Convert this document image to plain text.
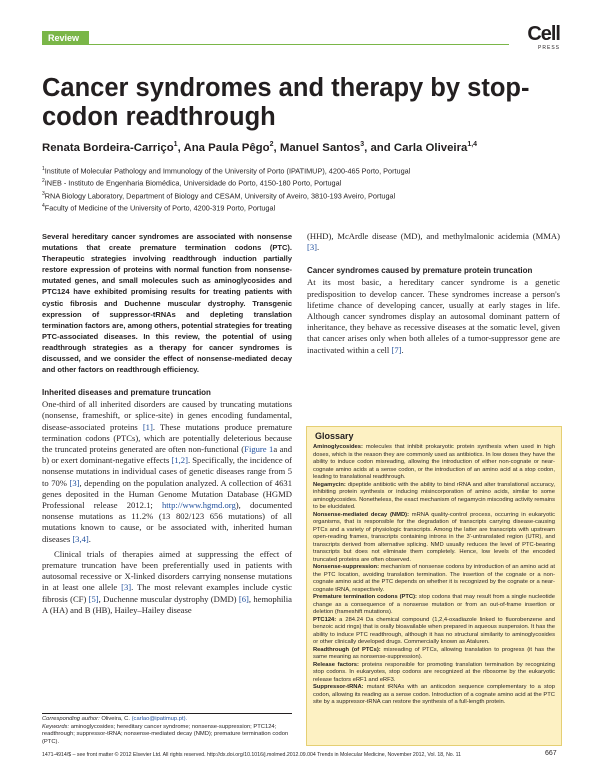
Review	Cell
PRESS
Cancer syndromes and therapy by stop-codon readthrough
Renata Bordeira-Carriço$^1$, Ana Paula Pêgo$^2$, Manuel Santos$^3$, and Carla Oliveira$^{1,4}$
$^1$Institute of Molecular Pathology and Immunology of the University of Porto (IPATIMUP), 4200-465 Porto, Portugal
$^2$INEB - Instituto de Engenharia Biomédica, Universidade do Porto, 4150-180 Porto, Portugal
$^3$RNA Biology Laboratory, Department of Biology and CESAM, University of Aveiro, 3810-193 Aveiro, Portugal
$^4$Faculty of Medicine of the University of Porto, 4200-319 Porto, Portugal

Several hereditary cancer syndromes are associated with nonsense mutations that create premature termination codons (PTC). Therapeutic strategies involving readthrough induction partially restore expression of proteins with normal function from nonsense-mutated genes, and small molecules such as aminoglycosides and PTC124 have exhibited promising results for treating patients with cystic fibrosis and Duchenne muscular dystrophy. Transgenic expression of suppressor-tRNAs and depleting translation termination factors are, among others, potential strategies for treating PTC-associated diseases. In this review, the potential of using readthrough strategies as a therapy for cancer syndromes is discussed, and we consider the effect of nonsense-mediated decay and other factors on readthrough efficiency.

Inherited diseases and premature truncation

One-third of all inherited disorders are caused by truncating mutations (nonsense, frameshift, or splice-site) in genes encoding fundamental, disease-associated proteins [1]. These mutations produce premature termination codons (PTCs), which are potentially deleterious because the truncated proteins generated are often non-functional (Figure 1a and b) or exert dominant-negative effects [1,2]. Specifically, the incidence of nonsense mutations in individual cases of genetic diseases range from 5 to 70% [3], depending on the population analyzed. A collection of 4631 genes deposited in the Human Genome Mutation Database (HGMD Professional release 2012.1; http://www.hgmd.org), documented nonsense mutations as 11.2% (13 802/123 656 mutations) of all mutations known to cause, or be associated with, inherited human diseases [3,4].

Clinical trials of therapies aimed at suppressing the effect of premature truncation have been preferentially used in patients with autosomal recessive or X-linked disorders carrying nonsense mutations in at least one allele [3]. The most relevant examples include cystic fibrosis (CF) [5], Duchenne muscular dystrophy (DMD) [6], hemophilia A (HA) and B (HB), Hailey–Hailey disease

(HHD), McArdle disease (MD), and methylmalonic acidemia (MMA) [3].

Cancer syndromes caused by premature protein truncation

At its most basic, a hereditary cancer syndrome is a genetic predisposition to develop cancer. These syndromes increase a person's lifetime chance of developing cancer, usually at early stages in life. Although cancer syndromes display an autosomal dominant pattern of inheritance, they behave as recessive diseases at the somatic level, given that cancer arises only when both alleles of a tumor-suppressor gene are inactivated within a cell [7].

Glossary

Aminoglycosides: molecules that inhibit prokaryotic protein synthesis when used in high doses, which is the reason they are commonly used as antibiotics. In low doses they have the ability to induce codon misreading, allowing the introduction of either non-cognate or near-cognate amino acids at a sense codon, or the introduction of an amino acid at a stop codon, leading to translational readthrough.

Negamycin: dipeptide antibiotic with the ability to bind rRNA and alter translational accuracy, inhibiting protein synthesis or inducing misincorporation of amino acids, similar to some aminoglycosides. Nonetheless, the exact mechanism of negamycin miscoding activity remains to be elucidated.

Nonsense-mediated decay (NMD): mRNA quality-control process, occurring in eukaryotic organisms, that is responsible for the degradation of transcripts carrying disease-causing PTCs and a variety of physiologic transcripts. Among the latter are transcripts with upstream open-reading frames, transcripts containing introns in the 3′-untranslated region (UTR), and transcripts derived from alternative splicing. NMD usually reduces the level of PTC-bearing transcripts but does not eliminate them completely. Hence, low levels of the encoded truncated proteins are often observed.

Nonsense-suppression: mechanism of nonsense codons by introduction of an amino acid at the PTC location, avoiding translation termination. The insertion of the cognate or a non-cognate amino acid at the PTC depends on whether it is recognized by the cognate or a near-cognate tRNA, respectively.

Premature termination codons (PTC): stop codons that may result from a single nucleotide change as a consequence of a nonsense mutation or from an out-of-frame insertion or deletion (frameshift mutations).

PTC124: a 284.24 Da chemical compound (1,2,4-oxadiazole linked to fluorobenzene and benzoic acid rings) that is orally bioavailable when prepared in aqueous suspension. It has the ability to induce PTC readthrough, although it has no structural similarity to aminoglycosides or other clinically developed drugs. Commercially known as Ataluren.

Readthrough (of PTCs): misreading of PTCs, allowing translation to progress (it has the same meaning as nonsense-suppression).

Release factors: proteins responsible for promoting translation termination by recognizing stop codons. In eukaryotes, stop codons are recognized at the ribosome by the eukaryotic release factors eRF1 and eRF3.

Suppressor-tRNA: mutant tRNAs with an anticodon sequence complementary to a stop codon, allowing its reading as a sense codon. Introduction of a cognate amino acid at the PTC site by a suppressor-tRNA can restore the synthesis of a full-length protein.

Corresponding author: Oliveira, C. (carlao@ipatimup.pt).
Keywords: aminoglycosides; hereditary cancer syndrome; nonsense-suppression; PTC124; readthrough; suppressor-tRNA; nonsense-mediated decay (NMD); premature termination codon (PTC).
1471-4914/$ – see front matter © 2012 Elsevier Ltd. All rights reserved. http://dx.doi.org/10.1016/j.molmed.2012.09.004 Trends in Molecular Medicine, November 2012, Vol. 18, No. 11	667
